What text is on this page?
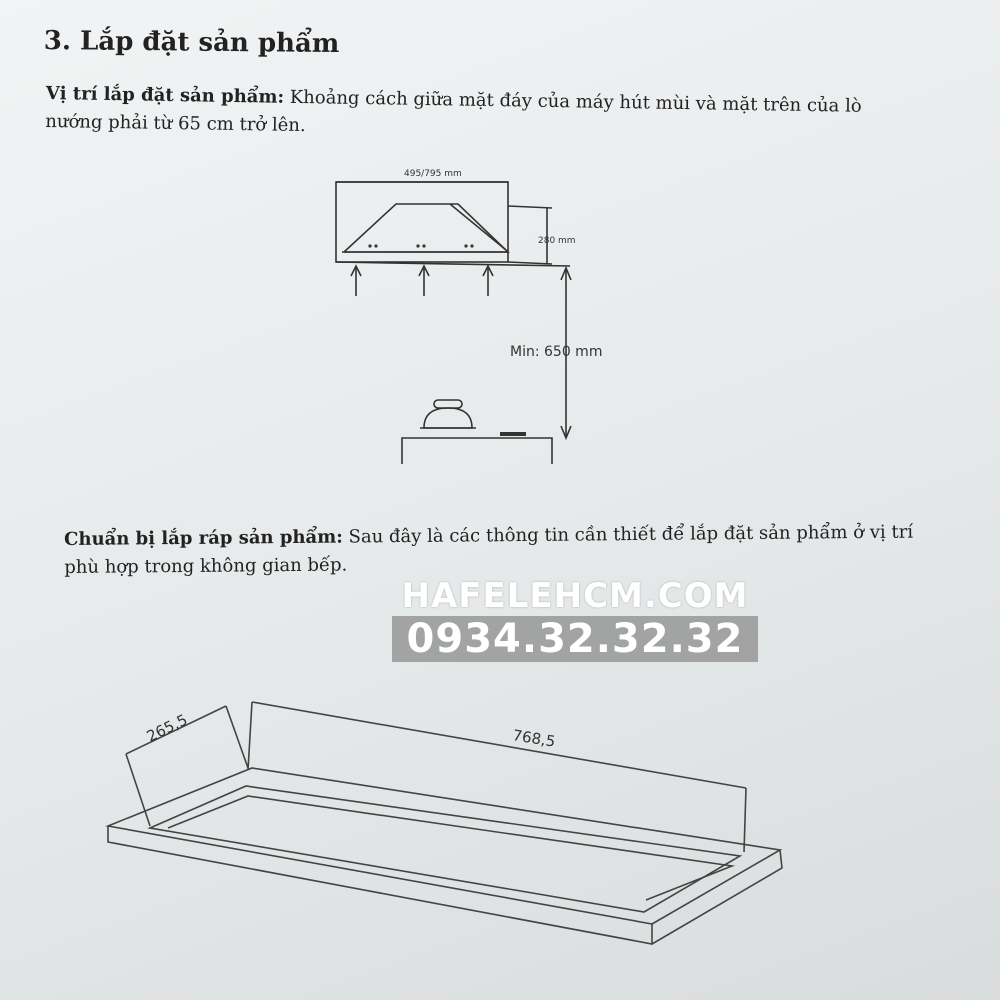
3. Lắp đặt sản phẩm
Vị trí lắp đặt sản phẩm: Khoảng cách giữa mặt đáy của máy hút mùi và mặt trên của lò nướng phải từ 65 cm trở lên.
495/795 mm
280 mm
Min: 650 mm
Chuẩn bị lắp ráp sản phẩm: Sau đây là các thông tin cần thiết để lắp đặt sản phẩm ở vị trí phù hợp trong không gian bếp.
265,5	768,5
HAFELEHCM.COM
0934.32.32.32
